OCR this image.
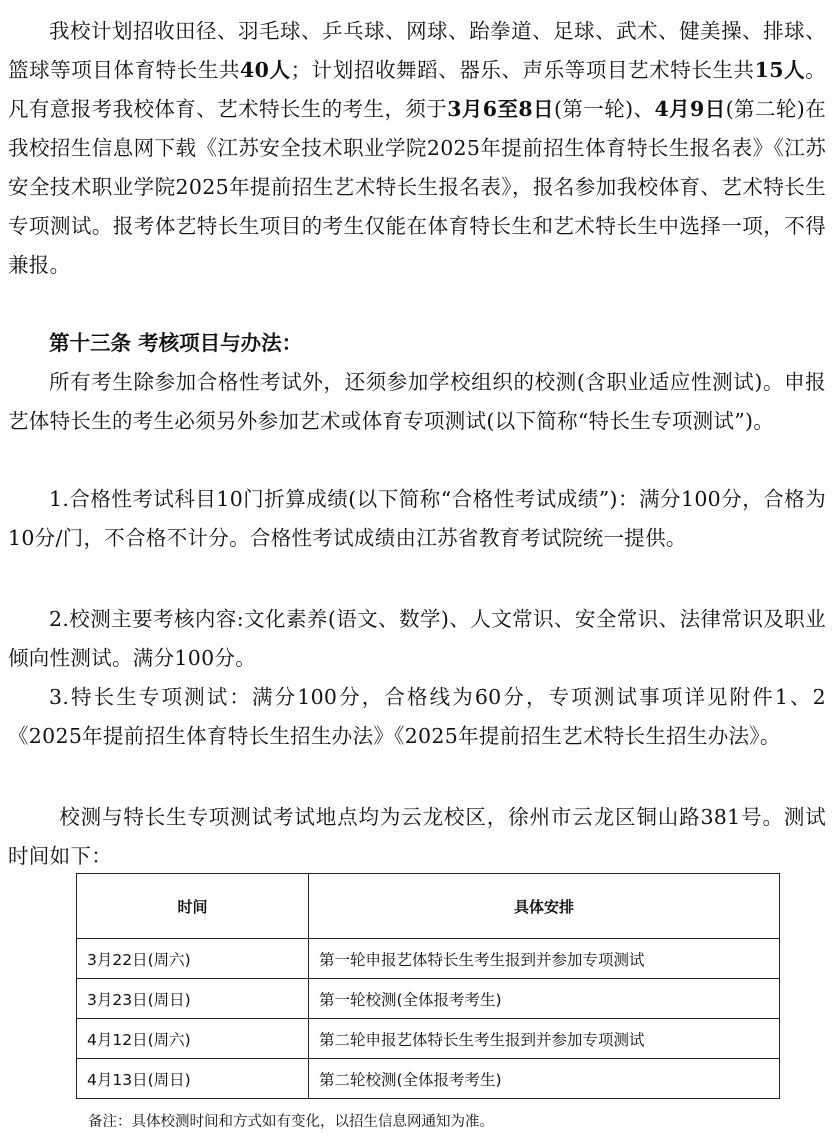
我校计划招收田径、羽毛球、乒乓球、网球、跆拳道、足球、武术、健美操、排球、篮球等项目体育特长生共40人；计划招收舞蹈、器乐、声乐等项目艺术特长生共15人。凡有意报考我校体育、艺术特长生的考生，须于3月6至8日(第一轮)、4月9日(第二轮)在我校招生信息网下载《江苏安全技术职业学院2025年提前招生体育特长生报名表》《江苏安全技术职业学院2025年提前招生艺术特长生报名表》，报名参加我校体育、艺术特长生专项测试。报考体艺特长生项目的考生仅能在体育特长生和艺术特长生中选择一项，不得兼报。

第十三条 考核项目与办法：

所有考生除参加合格性考试外，还须参加学校组织的校测(含职业适应性测试)。申报艺体特长生的考生必须另外参加艺术或体育专项测试(以下简称“特长生专项测试”)。

1.合格性考试科目10门折算成绩(以下简称“合格性考试成绩”)：满分100分，合格为10分/门，不合格不计分。合格性考试成绩由江苏省教育考试院统一提供。

2.校测主要考核内容:文化素养(语文、数学)、人文常识、安全常识、法律常识及职业倾向性测试。满分100分。

3.特长生专项测试：满分100分，合格线为60分，专项测试事项详见附件1、2《2025年提前招生体育特长生招生办法》《2025年提前招生艺术特长生招生办法》。

校测与特长生专项测试考试地点均为云龙校区，徐州市云龙区铜山路381号。测试时间如下：

时间	具体安排
3月22日(周六)	第一轮申报艺体特长生考生报到并参加专项测试
3月23日(周日)	第一轮校测(全体报考考生)
4月12日(周六)	第二轮申报艺体特长生考生报到并参加专项测试
4月13日(周日)	第二轮校测(全体报考考生)
备注：具体校测时间和方式如有变化，以招生信息网通知为准。
